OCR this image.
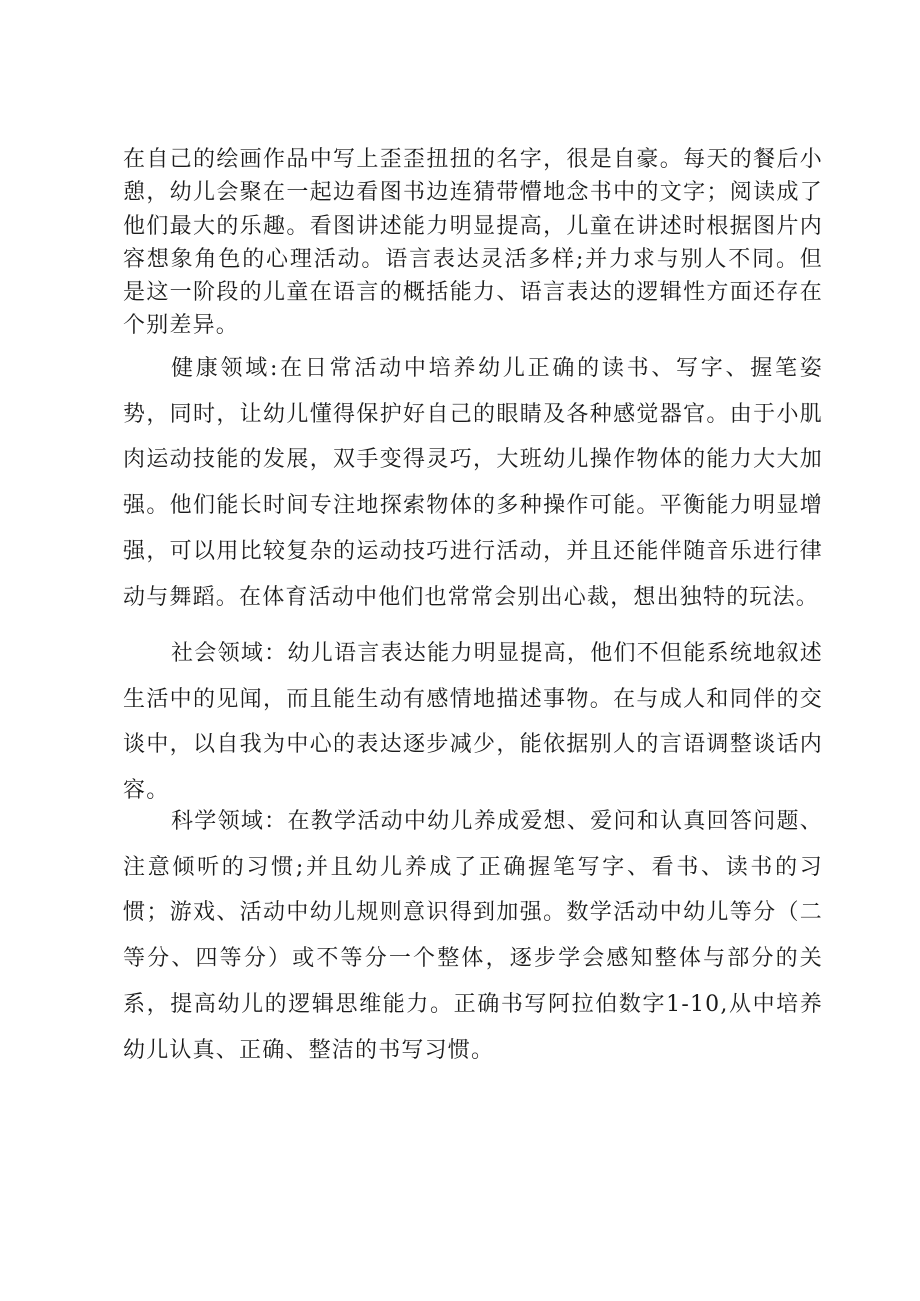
在自己的绘画作品中写上歪歪扭扭的名字，很是自豪。每天的餐后小憩，幼儿会聚在一起边看图书边连猜带懵地念书中的文字；阅读成了他们最大的乐趣。看图讲述能力明显提高，儿童在讲述时根据图片内容想象角色的心理活动。语言表达灵活多样;并力求与别人不同。但是这一阶段的儿童在语言的概括能力、语言表达的逻辑性方面还存在个别差异。

健康领域:在日常活动中培养幼儿正确的读书、写字、握笔姿势，同时，让幼儿懂得保护好自己的眼睛及各种感觉器官。由于小肌肉运动技能的发展，双手变得灵巧，大班幼儿操作物体的能力大大加强。他们能长时间专注地探索物体的多种操作可能。平衡能力明显增强，可以用比较复杂的运动技巧进行活动，并且还能伴随音乐进行律动与舞蹈。在体育活动中他们也常常会别出心裁，想出独特的玩法。

社会领域：幼儿语言表达能力明显提高，他们不但能系统地叙述生活中的见闻，而且能生动有感情地描述事物。在与成人和同伴的交谈中，以自我为中心的表达逐步减少，能依据别人的言语调整谈话内容。

科学领域：在教学活动中幼儿养成爱想、爱问和认真回答问题、注意倾听的习惯;并且幼儿养成了正确握笔写字、看书、读书的习惯；游戏、活动中幼儿规则意识得到加强。数学活动中幼儿等分（二等分、四等分）或不等分一个整体，逐步学会感知整体与部分的关系，提高幼儿的逻辑思维能力。正确书写阿拉伯数字1-10,从中培养幼儿认真、正确、整洁的书写习惯。
